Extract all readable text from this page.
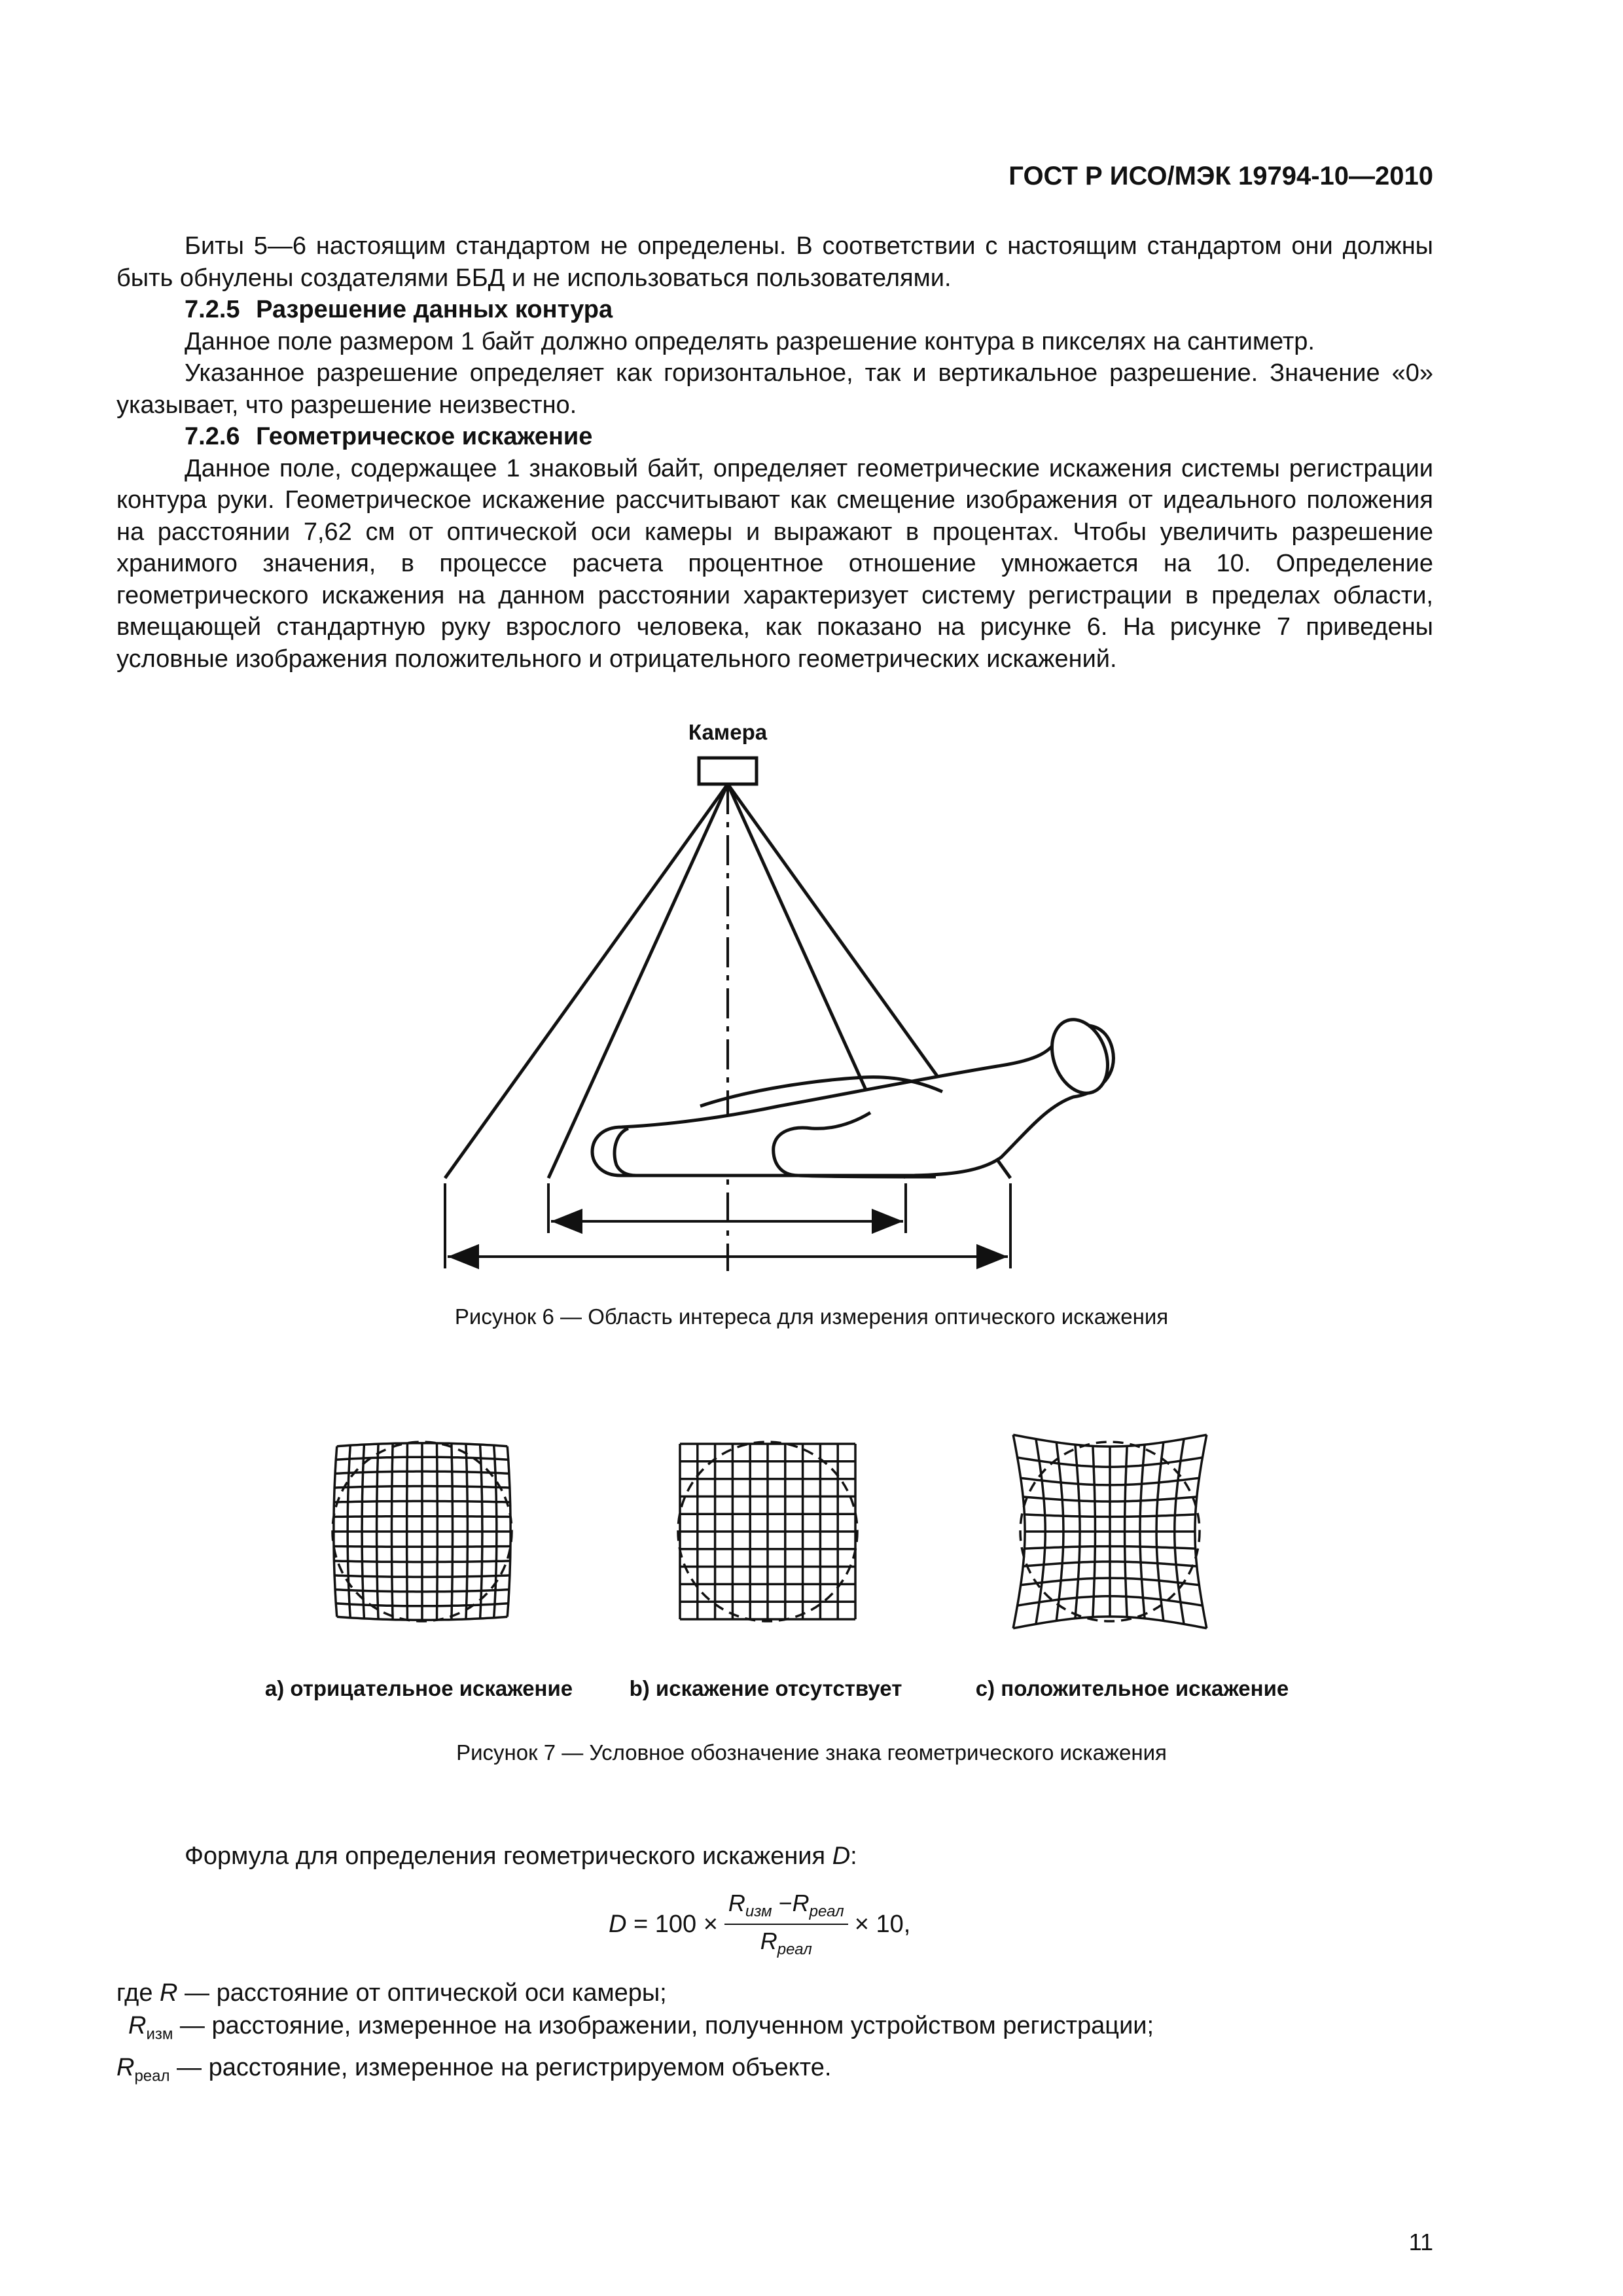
ГОСТ Р ИСО/МЭК 19794-10—2010

Биты 5—6 настоящим стандартом не определены. В соответствии с настоящим стандартом они должны быть обнулены создателями ББД и не использоваться пользователями.

7.2.5 Разрешение данных контура

Данное поле размером 1 байт должно определять разрешение контура в пикселях на сантиметр.

Указанное разрешение определяет как горизонтальное, так и вертикальное разрешение. Значение «0» указывает, что разрешение неизвестно.

7.2.6 Геометрическое искажение

Данное поле, содержащее 1 знаковый байт, определяет геометрические искажения системы регистрации контура руки. Геометрическое искажение рассчитывают как смещение изображения от идеального положения на расстоянии 7,62 см от оптической оси камеры и выражают в процентах. Чтобы увеличить разрешение хранимого значения, в процессе расчета процентное отношение умножается на 10. Определение геометрического искажения на данном расстоянии характеризует систему регистрации в пределах области, вмещающей стандартную руку взрослого человека, как показано на рисунке 6. На рисунке 7 приведены условные изображения положительного и отрицательного геометрических искажений.

Камера
Рисунок 6 — Область интереса для измерения оптического искажения
а) отрицательное искажение	b) искажение отсутствует	с) положительное искажение
Рисунок 7 — Условное обозначение знака геометрического искажения
Формула для определения геометрического искажения D:
D
= $100 \times \frac{R_{изм} -R_{реал}}{R_{реал}} \times 10$,
где R — расстояние от оптической оси камеры;
$R_{изм}$ — расстояние, измеренное на изображении, полученном устройством регистрации;
$R_{реал}$ — расстояние, измеренное на регистрируемом объекте.
11
